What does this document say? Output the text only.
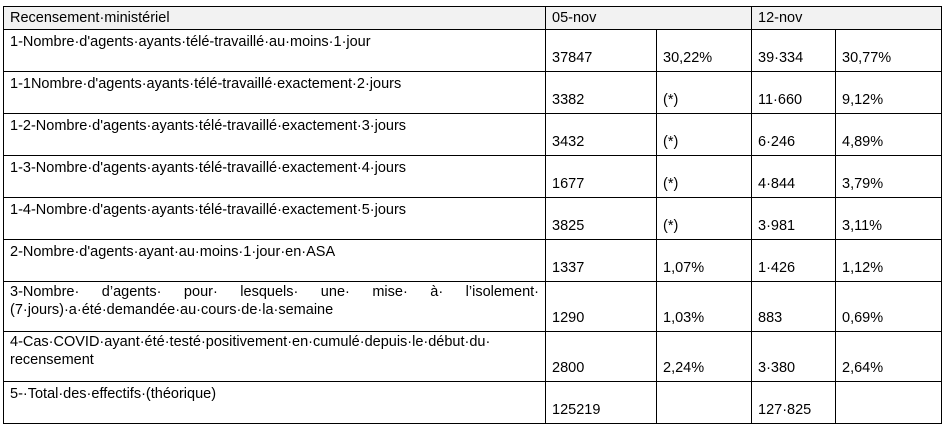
Recensement·ministériel	05-nov		12-nov	
1-Nombre·d'agents·ayants·télé-travaillé·au·moins·1·jour	37847	30,22%	39·334	30,77%
1-1Nombre·d'agents·ayants·télé-travaillé·exactement·2·jours	3382	(*)	11·660	9,12%
1-2-Nombre·d'agents·ayants·télé-travaillé·exactement·3·jours	3432	(*)	6·246	4,89%
1-3-Nombre·d'agents·ayants·télé-travaillé·exactement·4·jours	1677	(*)	4·844	3,79%
1-4-Nombre·d'agents·ayants·télé-travaillé·exactement·5·jours	3825	(*)	3·981	3,11%
2-Nombre·d'agents·ayant·au·moins·1·jour·en·ASA	1337	1,07%	1·426	1,12%
3-Nombre· d’agents· pour· lesquels· une· mise· à· l’isolement· (7·jours)·a·été·demandée·au·cours·de·la·semaine	1290	1,03%	883	0,69%
4-Cas·COVID·ayant·été·testé·positivement·en·cumulé·depuis·le·début·du· recensement	2800	2,24%	3·380	2,64%
5-·Total·des·effectifs·(théorique)	125219		127·825	
